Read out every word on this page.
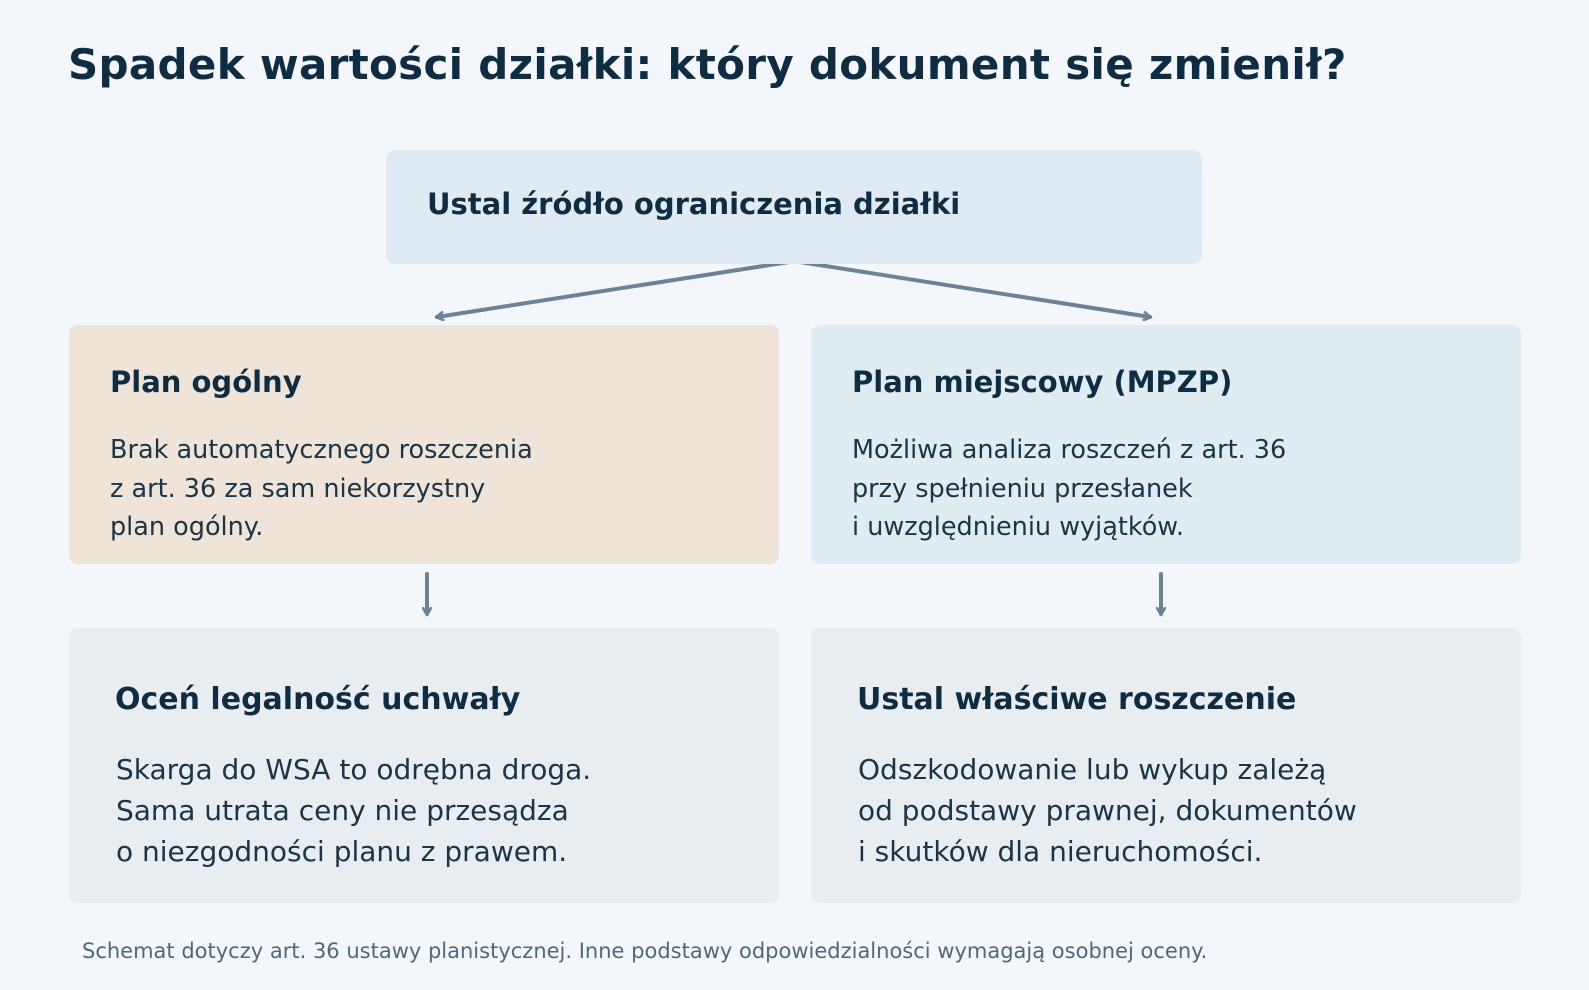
Spadek wartości działki: który dokument się zmienił?
Ustal źródło ograniczenia działki
Plan ogólny
Brak automatycznego roszczenia
z art. 36 za sam niekorzystny
plan ogólny.
Plan miejscowy (MPZP)
Możliwa analiza roszczeń z art. 36
przy spełnieniu przesłanek
i uwzględnieniu wyjątków.
Oceń legalność uchwały
Skarga do WSA to odrębna droga.
Sama utrata ceny nie przesądza
o niezgodności planu z prawem.
Ustal właściwe roszczenie
Odszkodowanie lub wykup zależą
od podstawy prawnej, dokumentów
i skutków dla nieruchomości.
Schemat dotyczy art. 36 ustawy planistycznej. Inne podstawy odpowiedzialności wymagają osobnej oceny.
